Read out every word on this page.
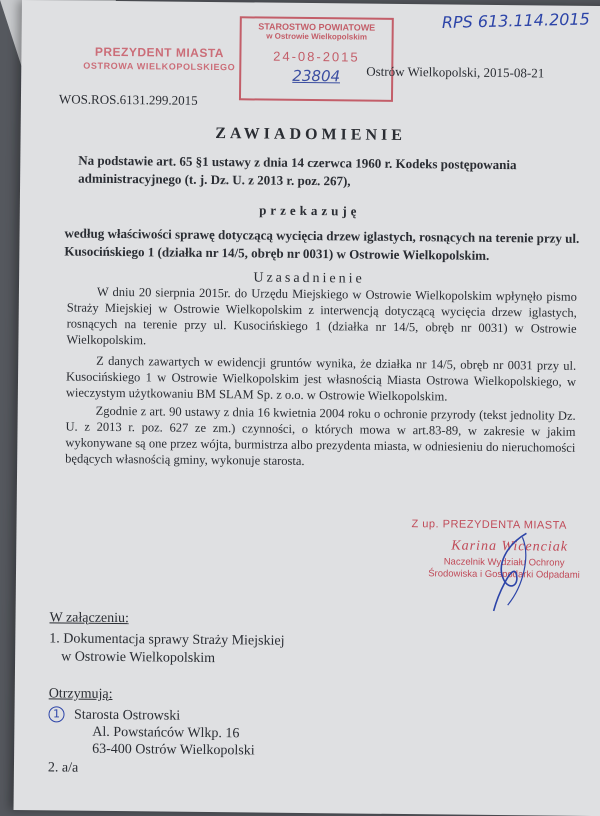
RPS 613.114.2015
PREZYDENT MIASTA
OSTROWA WIELKOPOLSKIEGO
STAROSTWO POWIATOWE
w Ostrowie Wielkopolskim
24-08-2015
23804	Ostrów Wielkopolski, 2015-08-21
WOS.ROS.6131.299.2015
ZAWIADOMIENIE
Na podstawie art. 65 §1 ustawy z dnia 14 czerwca 1960 r. Kodeks postępowania administracyjnego (t. j. Dz. U. z 2013 r. poz. 267),
przekazuję
według właściwości sprawę dotyczącą wycięcia drzew iglastych, rosnących na terenie przy ul. Kusocińskiego 1 (działka nr 14/5, obręb nr 0031) w Ostrowie Wielkopolskim.
Uzasadnienie
W dniu 20 sierpnia 2015r. do Urzędu Miejskiego w Ostrowie Wielkopolskim wpłynęło pismo Straży Miejskiej w Ostrowie Wielkopolskim z interwencją dotyczącą wycięcia drzew iglastych, rosnących na terenie przy ul. Kusocińskiego 1 (działka nr 14/5, obręb nr 0031) w Ostrowie Wielkopolskim.
Z danych zawartych w ewidencji gruntów wynika, że działka nr 14/5, obręb nr 0031 przy ul. Kusocińskiego 1 w Ostrowie Wielkopolskim jest własnością Miasta Ostrowa Wielkopolskiego, w wieczystym użytkowaniu BM SLAM Sp. z o.o. w Ostrowie Wielkopolskim.
Zgodnie z art. 90 ustawy z dnia 16 kwietnia 2004 roku o ochronie przyrody (tekst jednolity Dz. U. z 2013 r. poz. 627 ze zm.) czynności, o których mowa w art.83-89, w zakresie w jakim wykonywane są one przez wójta, burmistrza albo prezydenta miasta, w odniesieniu do nieruchomości będących własnością gminy, wykonuje starosta.
Z up. PREZYDENTA MIASTA
Karina Wicenciak
Naczelnik Wydziału Ochrony Środowiska i Gospodarki Odpadami
W załączeniu:
1. Dokumentacja sprawy Straży Miejskiej
w Ostrowie Wielkopolskim
Otrzymują:
1 Starosta Ostrowski
Al. Powstańców Wlkp. 16
63-400 Ostrów Wielkopolski
2. a/a
